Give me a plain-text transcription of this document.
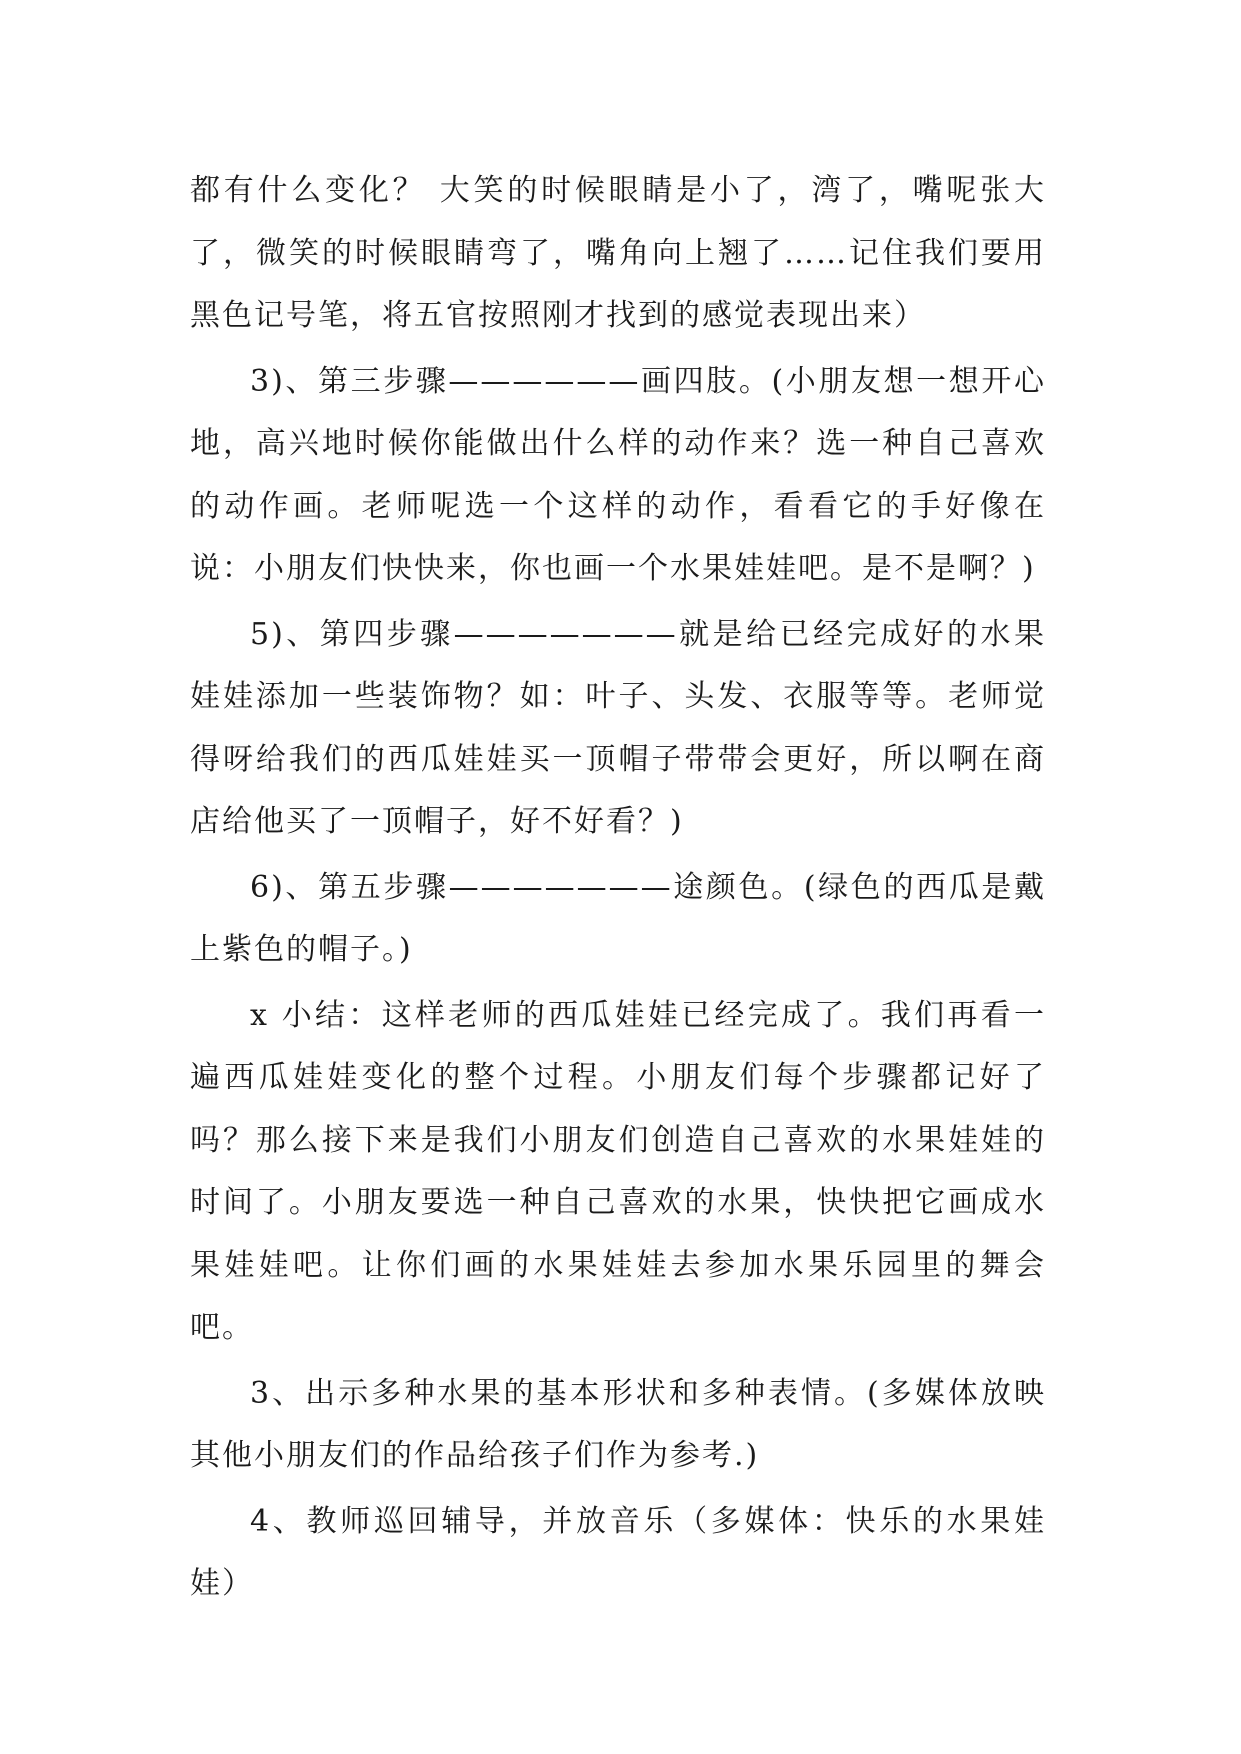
都有什么变化？ 大笑的时候眼睛是小了，湾了，嘴呢张大了，微笑的时候眼睛弯了，嘴角向上翘了……记住我们要用黑色记号笔，将五官按照刚才找到的感觉表现出来）

3)、第三步骤——————画四肢。(小朋友想一想开心地，高兴地时候你能做出什么样的动作来？选一种自己喜欢的动作画。老师呢选一个这样的动作，看看它的手好像在说：小朋友们快快来，你也画一个水果娃娃吧。是不是啊？)

5)、第四步骤———————就是给已经完成好的水果娃娃添加一些装饰物？如：叶子、头发、衣服等等。老师觉得呀给我们的西瓜娃娃买一顶帽子带带会更好，所以啊在商店给他买了一顶帽子，好不好看？)

6)、第五步骤———————途颜色。(绿色的西瓜是戴上紫色的帽子。)

x 小结：这样老师的西瓜娃娃已经完成了。我们再看一遍西瓜娃娃变化的整个过程。小朋友们每个步骤都记好了吗？那么接下来是我们小朋友们创造自己喜欢的水果娃娃的时间了。小朋友要选一种自己喜欢的水果，快快把它画成水果娃娃吧。让你们画的水果娃娃去参加水果乐园里的舞会吧。

3、出示多种水果的基本形状和多种表情。(多媒体放映其他小朋友们的作品给孩子们作为参考.)

4、教师巡回辅导，并放音乐（多媒体：快乐的水果娃娃）
